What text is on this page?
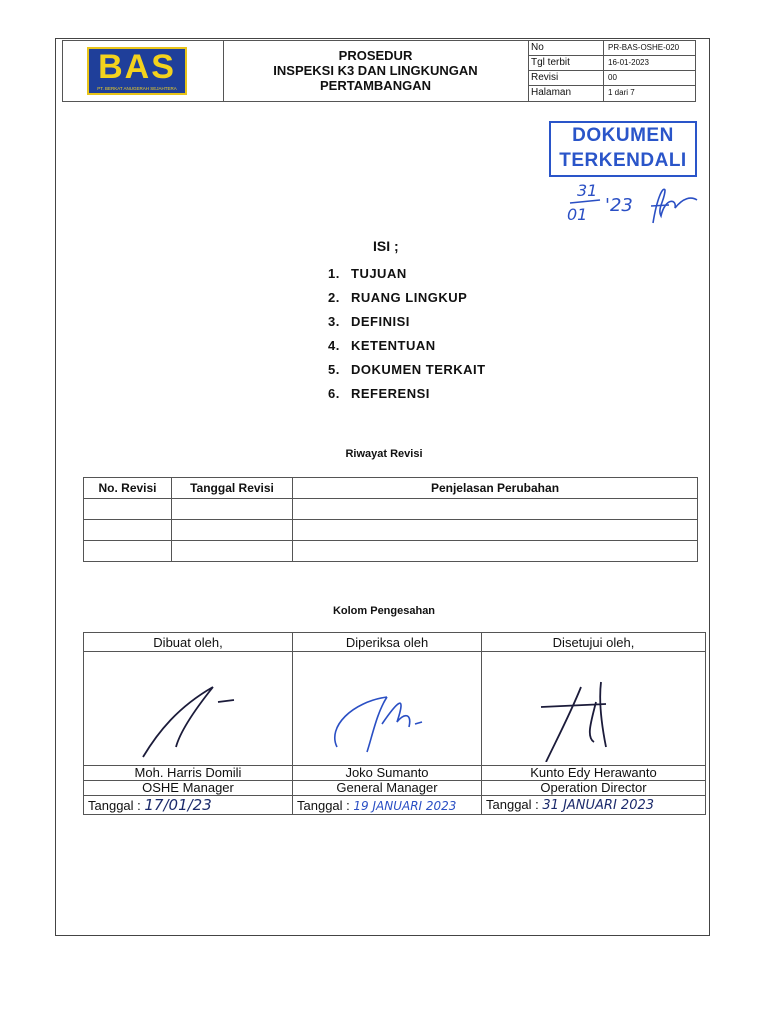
BAS
PT. BERKAT ANUGERAH SEJAHTERA
PROSEDUR
INSPEKSI K3 DAN LINGKUNGAN
PERTAMBANGAN
No	PR-BAS-OSHE-020
Tgl terbit	16-01-2023
Revisi	00
Halaman	1 dari 7
DOKUMEN
TERKENDALI
31
01 '23
ISI ;
1. TUJUAN
2. RUANG LINGKUP
3. DEFINISI
4. KETENTUAN
5. DOKUMEN TERKAIT
6. REFERENSI
Riwayat Revisi
No. Revisi	Tanggal Revisi	Penjelasan Perubahan

Kolom Pengesahan
Dibuat oleh,	Diperiksa oleh	Disetujui oleh,

Moh. Harris Domili	Joko Sumanto	Kunto Edy Herawanto
OSHE Manager	General Manager	Operation Director
Tanggal : 17/01/23	Tanggal : 19 JANUARI 2023	Tanggal : 31 JANUARI 2023
